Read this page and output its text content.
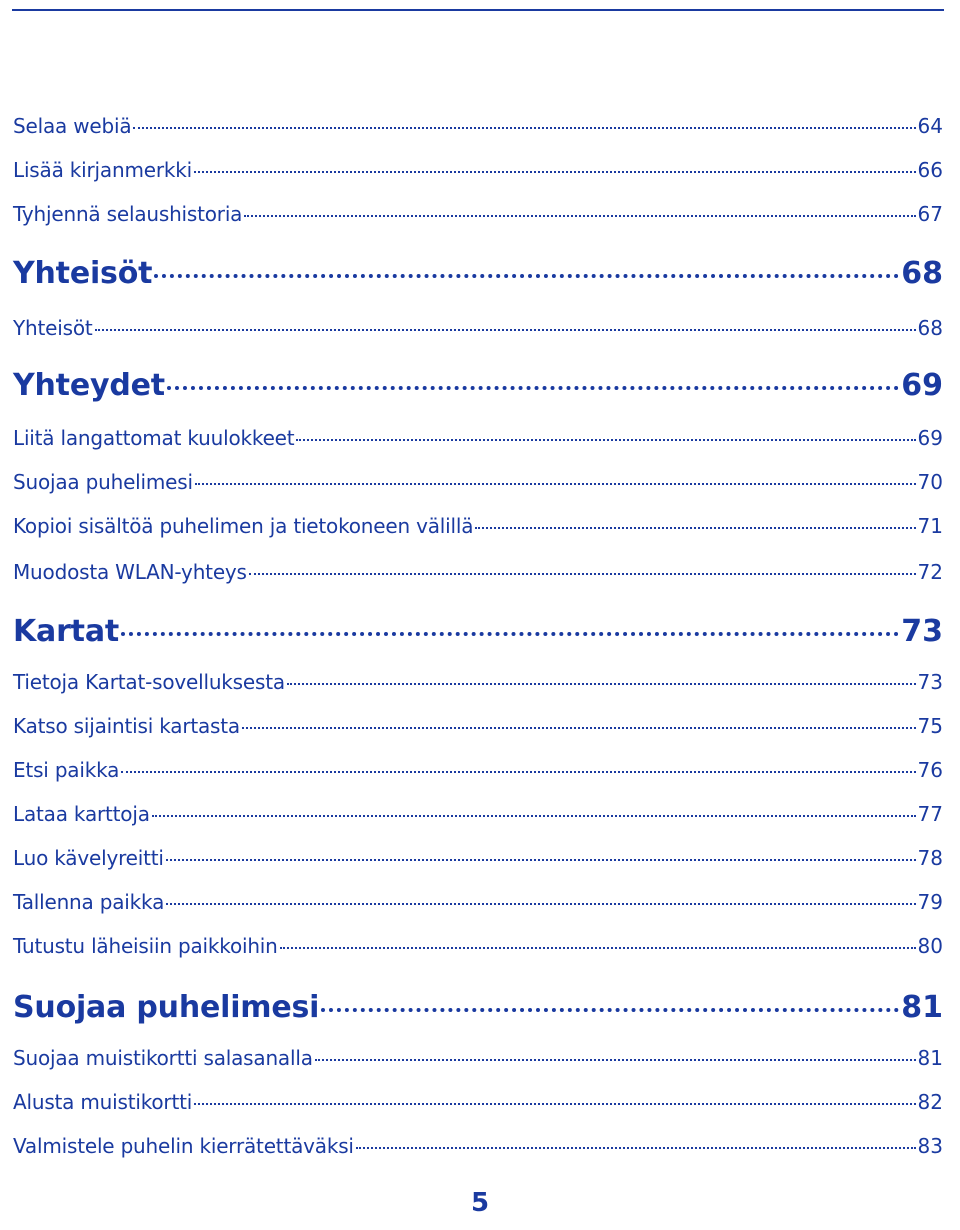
Selaa webiä	64
Lisää kirjanmerkki	66
Tyhjennä selaushistoria	67
Yhteisöt	68
Yhteisöt	68
Yhteydet	69
Liitä langattomat kuulokkeet	69
Suojaa puhelimesi	70
Kopioi sisältöä puhelimen ja tietokoneen välillä	71
Muodosta WLAN-yhteys	72
Kartat	73
Tietoja Kartat-sovelluksesta	73
Katso sijaintisi kartasta	75
Etsi paikka	76
Lataa karttoja	77
Luo kävelyreitti	78
Tallenna paikka	79
Tutustu läheisiin paikkoihin	80
Suojaa puhelimesi	81
Suojaa muistikortti salasanalla	81
Alusta muistikortti	82
Valmistele puhelin kierrätettäväksi	83
5
